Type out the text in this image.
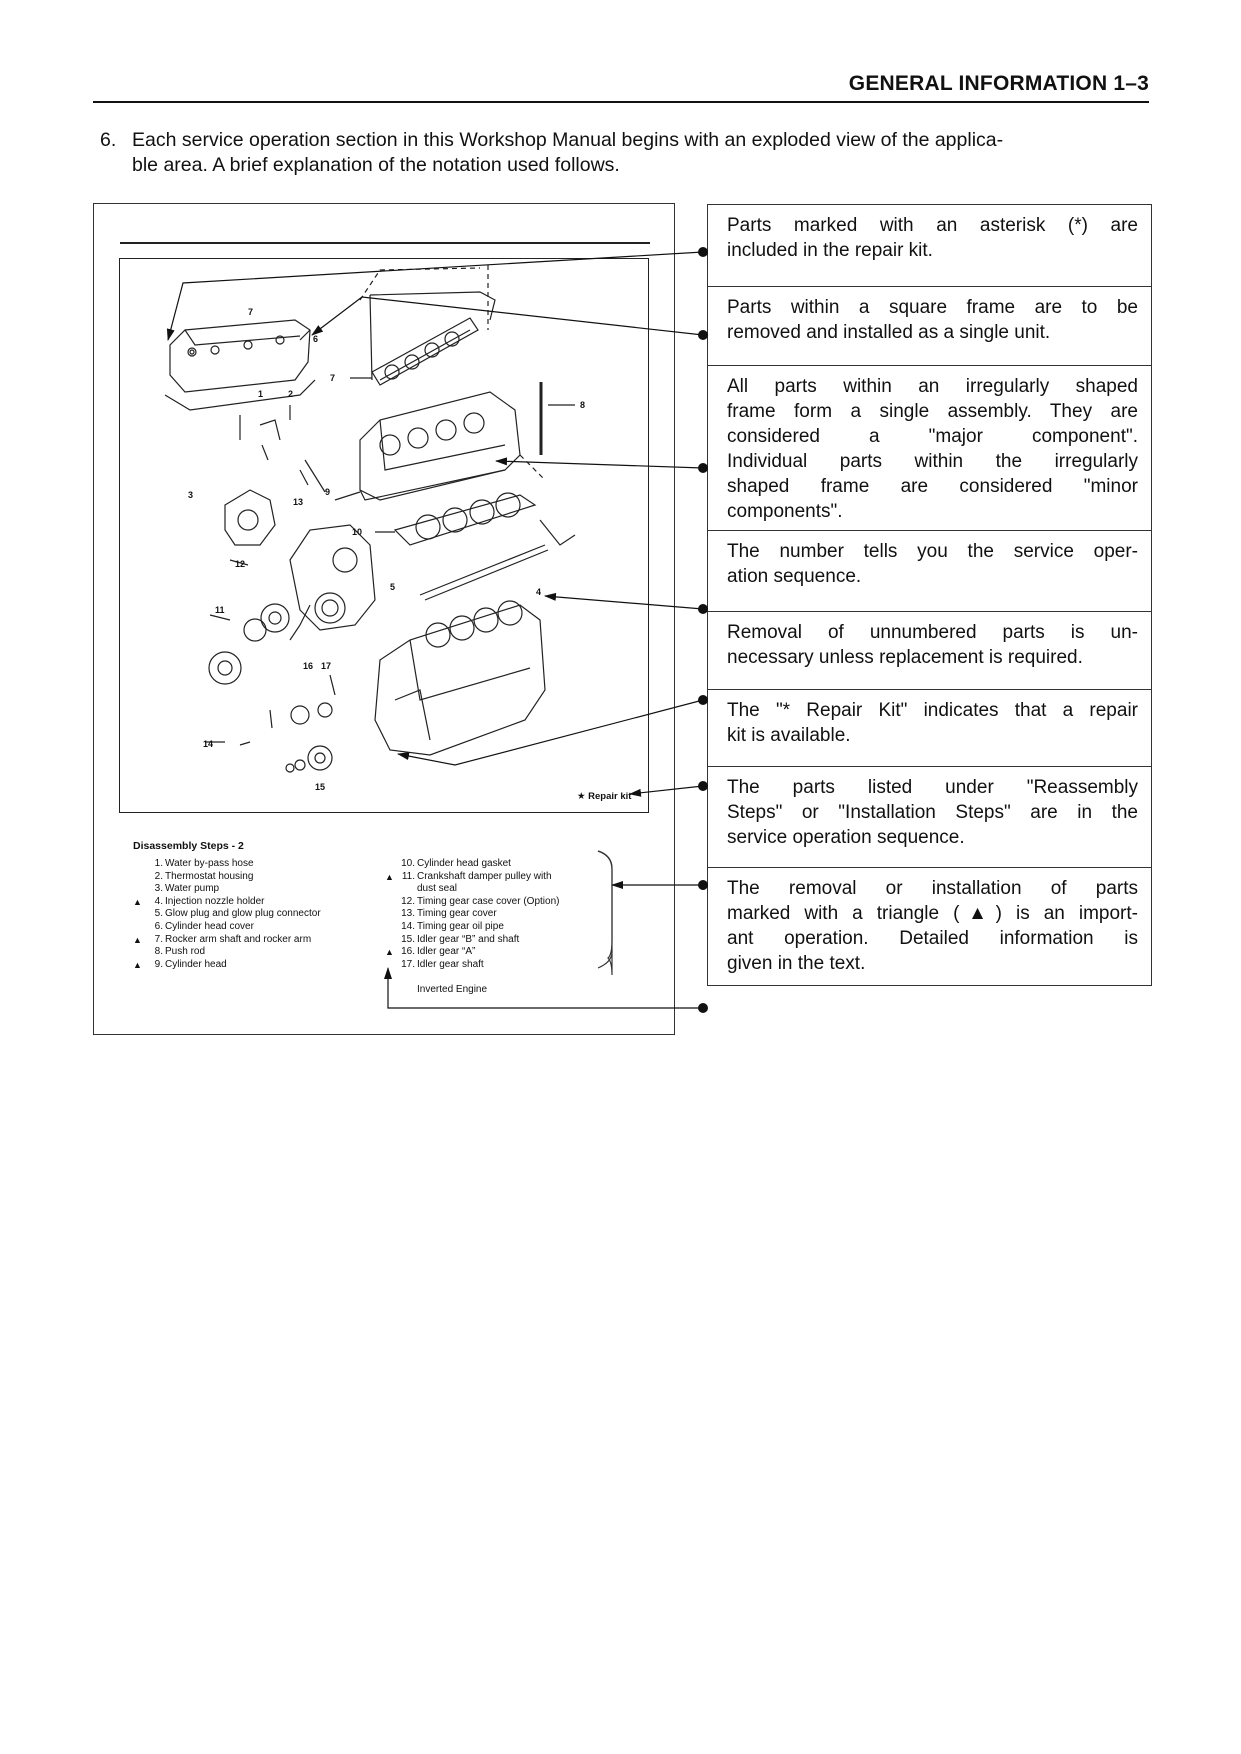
GENERAL INFORMATION 1–3
6. Each service operation section in this Workshop Manual begins with an exploded view of the applica-
ble area. A brief explanation of the notation used follows.
7
6
1	2
7
8
3
13
9
10
12
5	4
11
16 17
14
15
★ Repair kit
Disassembly Steps - 2
1. Water by-pass hose
2. Thermostat housing
3. Water pump
▲	4. Injection nozzle holder
5. Glow plug and glow plug connector
6. Cylinder head cover
▲	7. Rocker arm shaft and rocker arm
8. Push rod
▲	9. Cylinder head
10. Cylinder head gasket
▲ 11. Crankshaft damper pulley with
dust seal
12. Timing gear case cover (Option)
13. Timing gear cover
14. Timing gear oil pipe
15. Idler gear “B” and shaft
▲ 16. Idler gear “A”
17. Idler gear shaft
Inverted Engine
Parts marked with an asterisk (*) are
included in the repair kit.
Parts within a square frame are to be
removed and installed as a single unit.
All parts within an irregularly shaped
frame form a single assembly. They are
considered a "major component".
Individual parts within the irregularly
shaped frame are considered "minor
components".
The number tells you the service oper-
ation sequence.
Removal of unnumbered parts is un-
necessary unless replacement is required.
The "* Repair Kit" indicates that a repair
kit is available.
The parts listed under "Reassembly
Steps" or "Installation Steps" are in the
service operation sequence.
The removal or installation of parts
marked with a triangle (▲) is an import-
ant operation. Detailed information is
given in the text.
